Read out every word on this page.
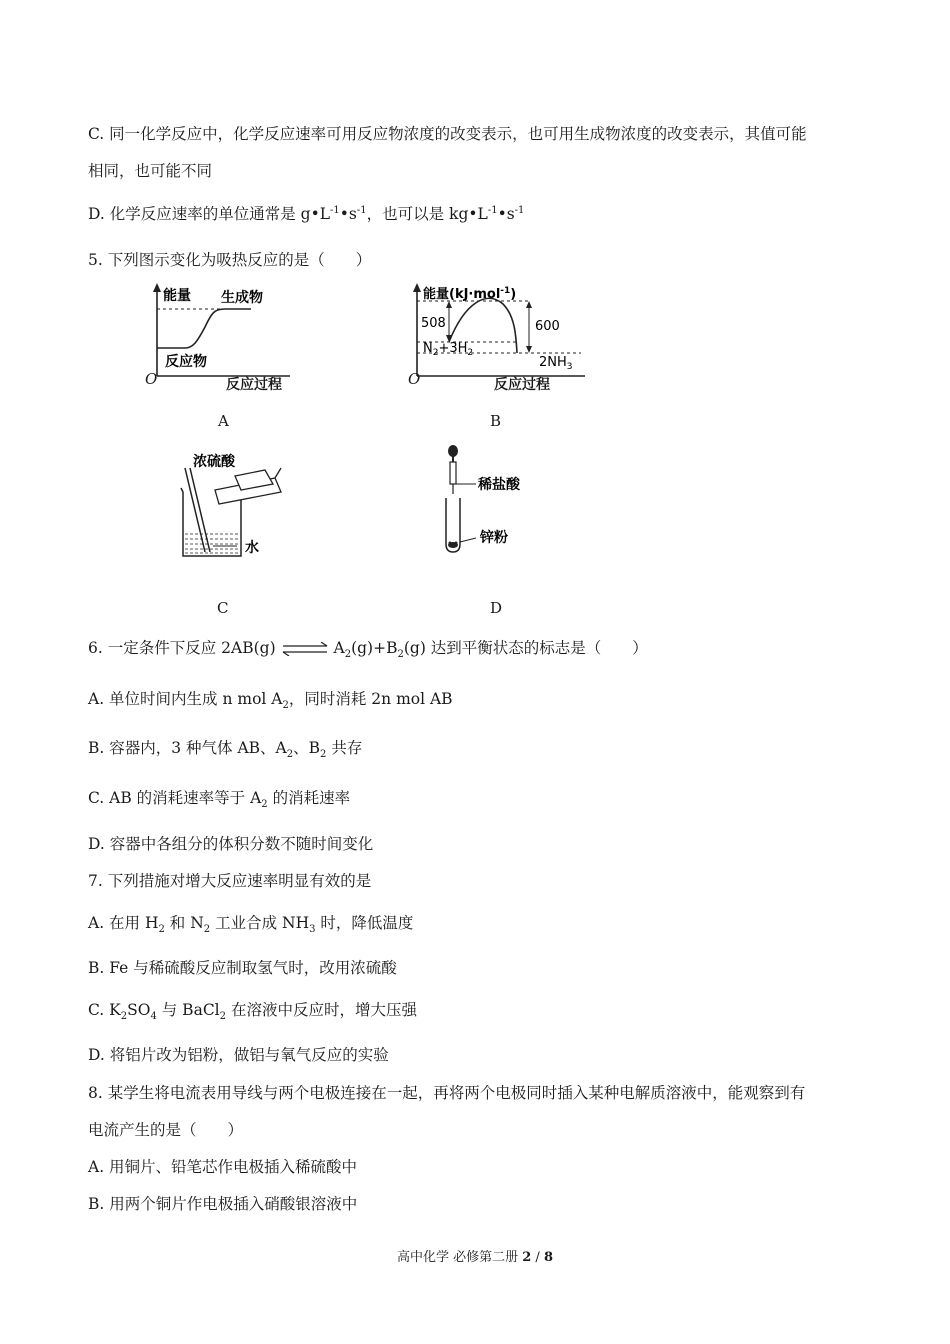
C. 同一化学反应中，化学反应速率可用反应物浓度的改变表示，也可用生成物浓度的改变表示，其值可能
相同，也可能不同
D. 化学反应速率的单位通常是 $g•L^{-1}•s^{-1}$，也可以是 $kg•L^{-1}•s^{-1}$
5. 下列图示变化为吸热反应的是（　　）
能量 生成物
反应物
O	反应过程
A
能量(kJ·mol$^{-1}$)
508	600
$N_2+3H_2$
$2NH_3$
O	反应过程
B
浓硫酸
水
C
稀盐酸
锌粉
D
6. 一定条件下反应 2AB(g) ⇌ $A_2(g)+B_2(g)$ 达到平衡状态的标志是（　　）
A. 单位时间内生成 n mol $A_2$，同时消耗 2n mol AB
B. 容器内，3 种气体 AB、$A_2$、$B_2$ 共存
C. AB 的消耗速率等于 $A_2$ 的消耗速率
D. 容器中各组分的体积分数不随时间变化
7. 下列措施对增大反应速率明显有效的是
A. 在用 $H_2$ 和 $N_2$ 工业合成 $NH_3$ 时，降低温度
B. Fe 与稀硫酸反应制取氢气时，改用浓硫酸
C. $K_2SO_4$ 与 BaCl$_2$ 在溶液中反应时，增大压强
D. 将铝片改为铝粉，做铝与氧气反应的实验
8. 某学生将电流表用导线与两个电极连接在一起，再将两个电极同时插入某种电解质溶液中，能观察到有
电流产生的是（　　）
A. 用铜片、铅笔芯作电极插入稀硫酸中
B. 用两个铜片作电极插入硝酸银溶液中
高中化学 必修第二册 2 / 8
